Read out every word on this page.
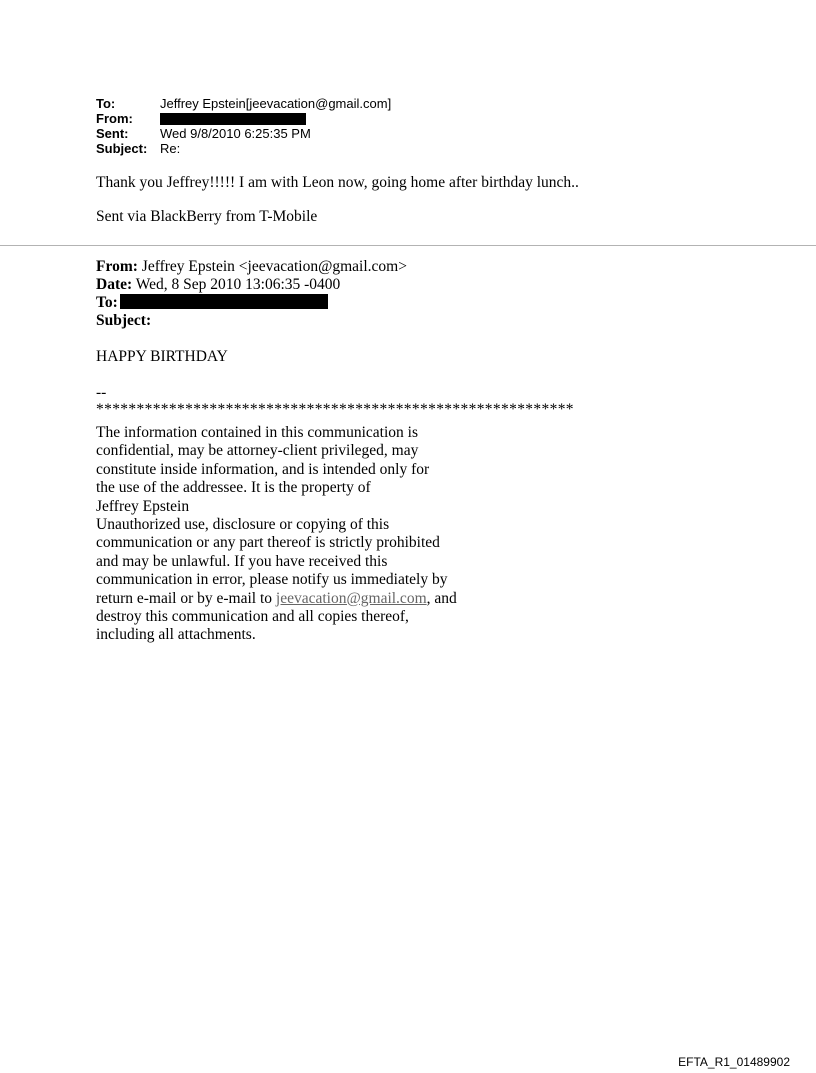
To:	Jeffrey Epstein[jeevacation@gmail.com]
From:
Sent:	Wed 9/8/2010 6:25:35 PM
Subject: Re:
Thank you Jeffrey!!!!! I am with Leon now, going home after birthday lunch..
Sent via BlackBerry from T-Mobile
From: Jeffrey Epstein <jeevacation@gmail.com>
Date: Wed, 8 Sep 2010 13:06:35 -0400
To:
Subject:
HAPPY BIRTHDAY
--
***********************************************************
The information contained in this communication is
confidential, may be attorney-client privileged, may
constitute inside information, and is intended only for
the use of the addressee. It is the property of
Jeffrey Epstein
Unauthorized use, disclosure or copying of this
communication or any part thereof is strictly prohibited
and may be unlawful. If you have received this
communication in error, please notify us immediately by
return e-mail or by e-mail to jeevacation@gmail.com, and
destroy this communication and all copies thereof,
including all attachments.
EFTA_R1_01489902
